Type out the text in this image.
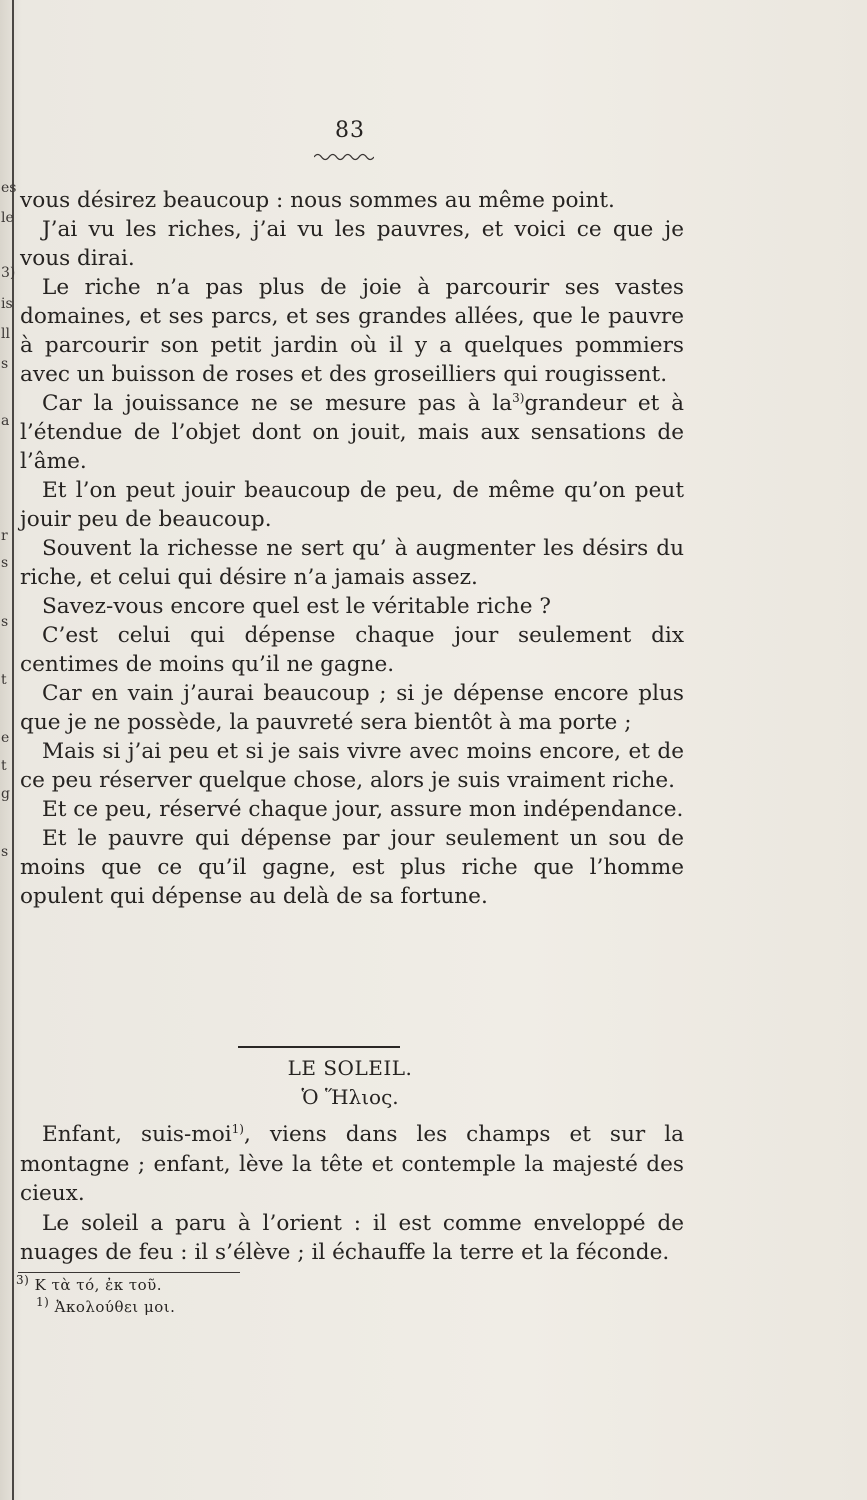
es
le
3)
is
ll
s
a
r
s
s
t
e
t
g
s
83

vous désirez beaucoup : nous sommes au même point.

J’ai vu les riches, j’ai vu les pauvres, et voici ce que je vous dirai.

Le riche n’a pas plus de joie à parcourir ses vastes domaines, et ses parcs, et ses grandes allées, que le pauvre à parcourir son petit jardin où il y a quelques pommiers avec un buisson de roses et des groseilliers qui rougissent.

Car la jouissance ne se mesure pas à $la^{3)}grandeur$ et à l’étendue de l’objet dont on jouit, mais aux sensations de l’âme.

Et l’on peut jouir beaucoup de peu, de même qu’on peut jouir peu de beaucoup.

Souvent la richesse ne sert qu’ à augmenter les désirs du riche, et celui qui désire n’a jamais assez.

Savez-vous encore quel est le véritable riche ?

C’est celui qui dépense chaque jour seulement dix centimes de moins qu’il ne gagne.

Car en vain j’aurai beaucoup ; si je dépense encore plus que je ne possède, la pauvreté sera bientôt à ma porte ;

Mais si j’ai peu et si je sais vivre avec moins encore, et de ce peu réserver quelque chose, alors je suis vraiment riche.

Et ce peu, réservé chaque jour, assure mon indépendance.

Et le pauvre qui dépense par jour seulement un sou de moins que ce qu’il gagne, est plus riche que l’homme opulent qui dépense au delà de sa fortune.

LE SOLEIL.
Ὁ Ἥλιος.

Enfant, suis-moi$^{1)}$, viens dans les champs et sur la montagne ; enfant, lève la tête et contemple la majesté des cieux.

Le soleil a paru à l’orient : il est comme enveloppé de nuages de feu : il s’élève ; il échauffe la terre et la féconde.

$^{3)}$ Κ τὰ τό, ἐκ τοῦ.
$^{1)}$ Ἀκολούθει μοι.
